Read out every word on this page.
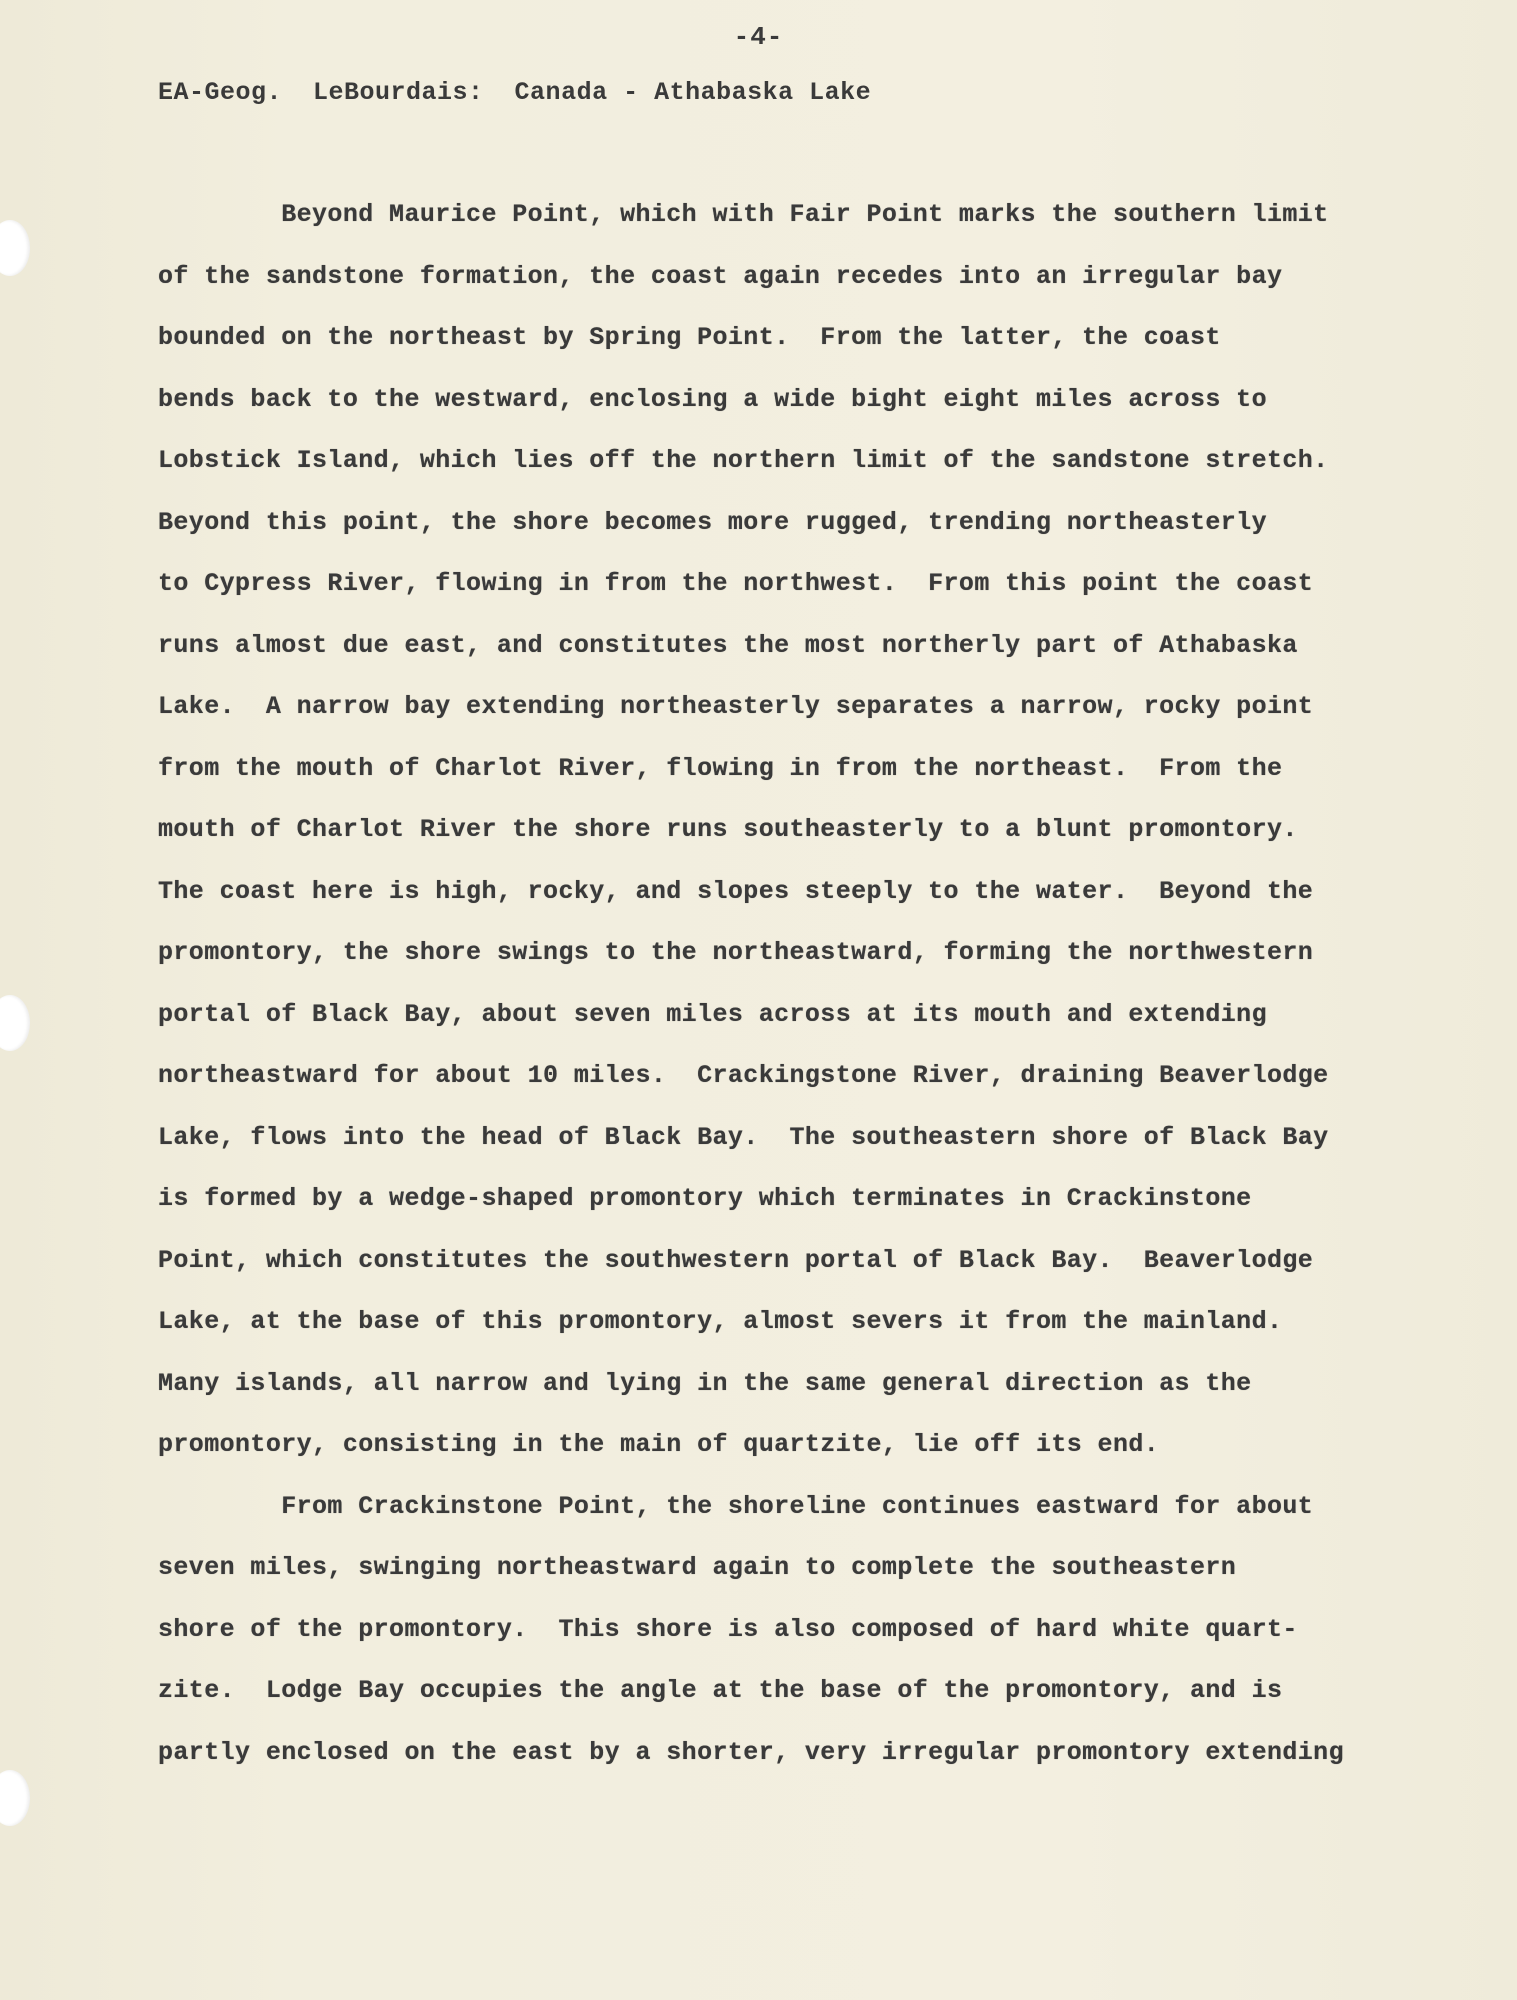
-4-
EA-Geog.  LeBourdais:  Canada - Athabaska Lake
Beyond Maurice Point, which with Fair Point marks the southern limit
of the sandstone formation, the coast again recedes into an irregular bay
bounded on the northeast by Spring Point.  From the latter, the coast
bends back to the westward, enclosing a wide bight eight miles across to
Lobstick Island, which lies off the northern limit of the sandstone stretch.
Beyond this point, the shore becomes more rugged, trending northeasterly
to Cypress River, flowing in from the northwest.  From this point the coast
runs almost due east, and constitutes the most northerly part of Athabaska
Lake.  A narrow bay extending northeasterly separates a narrow, rocky point
from the mouth of Charlot River, flowing in from the northeast.  From the
mouth of Charlot River the shore runs southeasterly to a blunt promontory.
The coast here is high, rocky, and slopes steeply to the water.  Beyond the
promontory, the shore swings to the northeastward, forming the northwestern
portal of Black Bay, about seven miles across at its mouth and extending
northeastward for about 10 miles.  Crackingstone River, draining Beaverlodge
Lake, flows into the head of Black Bay.  The southeastern shore of Black Bay
is formed by a wedge-shaped promontory which terminates in Crackinstone
Point, which constitutes the southwestern portal of Black Bay.  Beaverlodge
Lake, at the base of this promontory, almost severs it from the mainland.
Many islands, all narrow and lying in the same general direction as the
promontory, consisting in the main of quartzite, lie off its end.
From Crackinstone Point, the shoreline continues eastward for about
seven miles, swinging northeastward again to complete the southeastern
shore of the promontory.  This shore is also composed of hard white quart-
zite.  Lodge Bay occupies the angle at the base of the promontory, and is
partly enclosed on the east by a shorter, very irregular promontory extending
